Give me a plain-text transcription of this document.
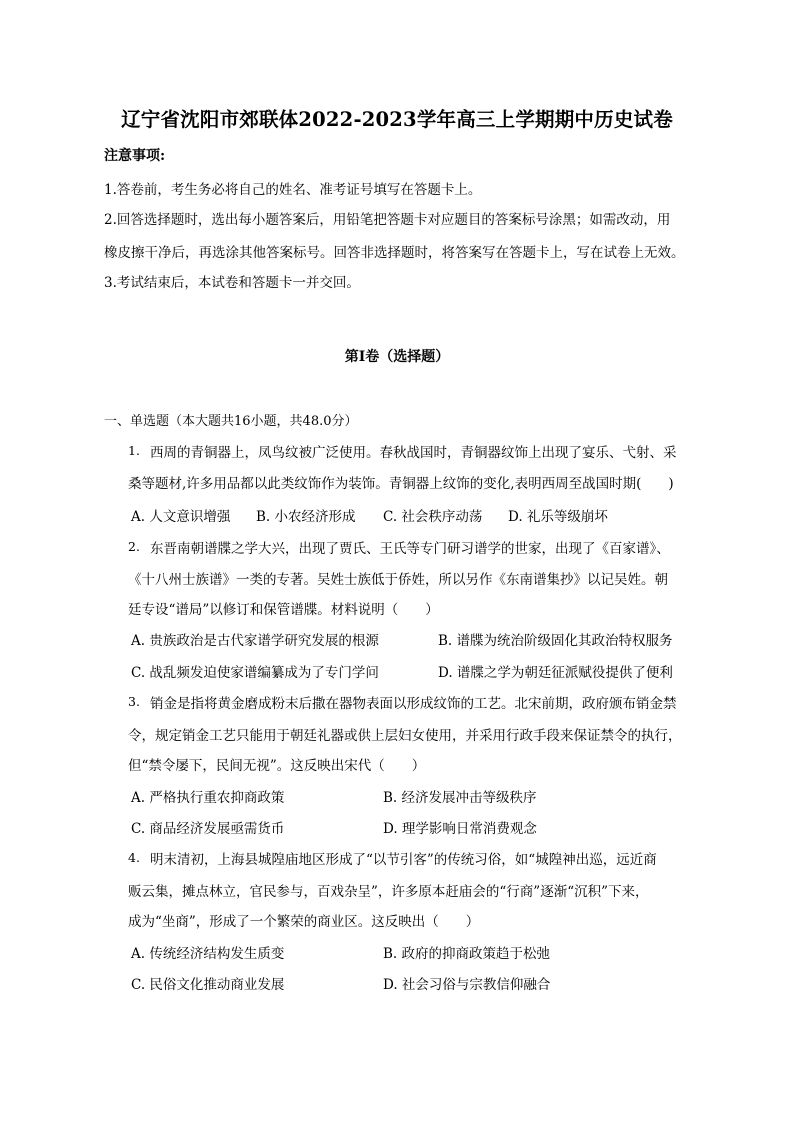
辽宁省沈阳市郊联体2022-2023学年高三上学期期中历史试卷
注意事项:
1.答卷前，考生务必将自己的姓名、准考证号填写在答题卡上。
2.回答选择题时，选出每小题答案后，用铅笔把答题卡对应题目的答案标号涂黑；如需改动，用
橡皮擦干净后，再选涂其他答案标号。回答非选择题时，将答案写在答题卡上，写在试卷上无效。
3.考试结束后，本试卷和答题卡一并交回。
第Ⅰ卷（选择题）
一、单选题（本大题共16小题，共48.0分）
1. 西周的青铜器上，凤鸟纹被广泛使用。春秋战国时，青铜器纹饰上出现了宴乐、弋射、采
桑等题材,许多用品都以此类纹饰作为装饰。青铜器上纹饰的变化,表明西周至战国时期(　　)
A. 人文意识增强 B. 小农经济形成 C. 社会秩序动荡 D. 礼乐等级崩坏
2. 东晋南朝谱牒之学大兴，出现了贾氏、王氏等专门研习谱学的世家，出现了《百家谱》、
《十八州士族谱》一类的专著。吴姓士族低于侨姓，所以另作《东南谱集抄》以记吴姓。朝
廷专设“谱局”以修订和保管谱牒。材料说明（　　）
A. 贵族政治是古代家谱学研究发展的根源	B. 谱牒为统治阶级固化其政治特权服务
C. 战乱频发迫使家谱编纂成为了专门学问	D. 谱牒之学为朝廷征派赋役提供了便利
3. 销金是指将黄金磨成粉末后撒在器物表面以形成纹饰的工艺。北宋前期，政府颁布销金禁
令，规定销金工艺只能用于朝廷礼器或供上层妇女使用，并采用行政手段来保证禁令的执行，
但“禁令屡下，民间无视”。这反映出宋代（　　）
A. 严格执行重农抑商政策	B. 经济发展冲击等级秩序
C. 商品经济发展亟需货币	D. 理学影响日常消费观念
4. 明末清初，上海县城隍庙地区形成了“以节引客”的传统习俗，如“城隍神出巡，远近商
贩云集，摊点林立，官民参与，百戏杂呈”，许多原本赶庙会的“行商”逐渐“沉积”下来，
成为“坐商”，形成了一个繁荣的商业区。这反映出（　　）
A. 传统经济结构发生质变	B. 政府的抑商政策趋于松弛
C. 民俗文化推动商业发展	D. 社会习俗与宗教信仰融合
